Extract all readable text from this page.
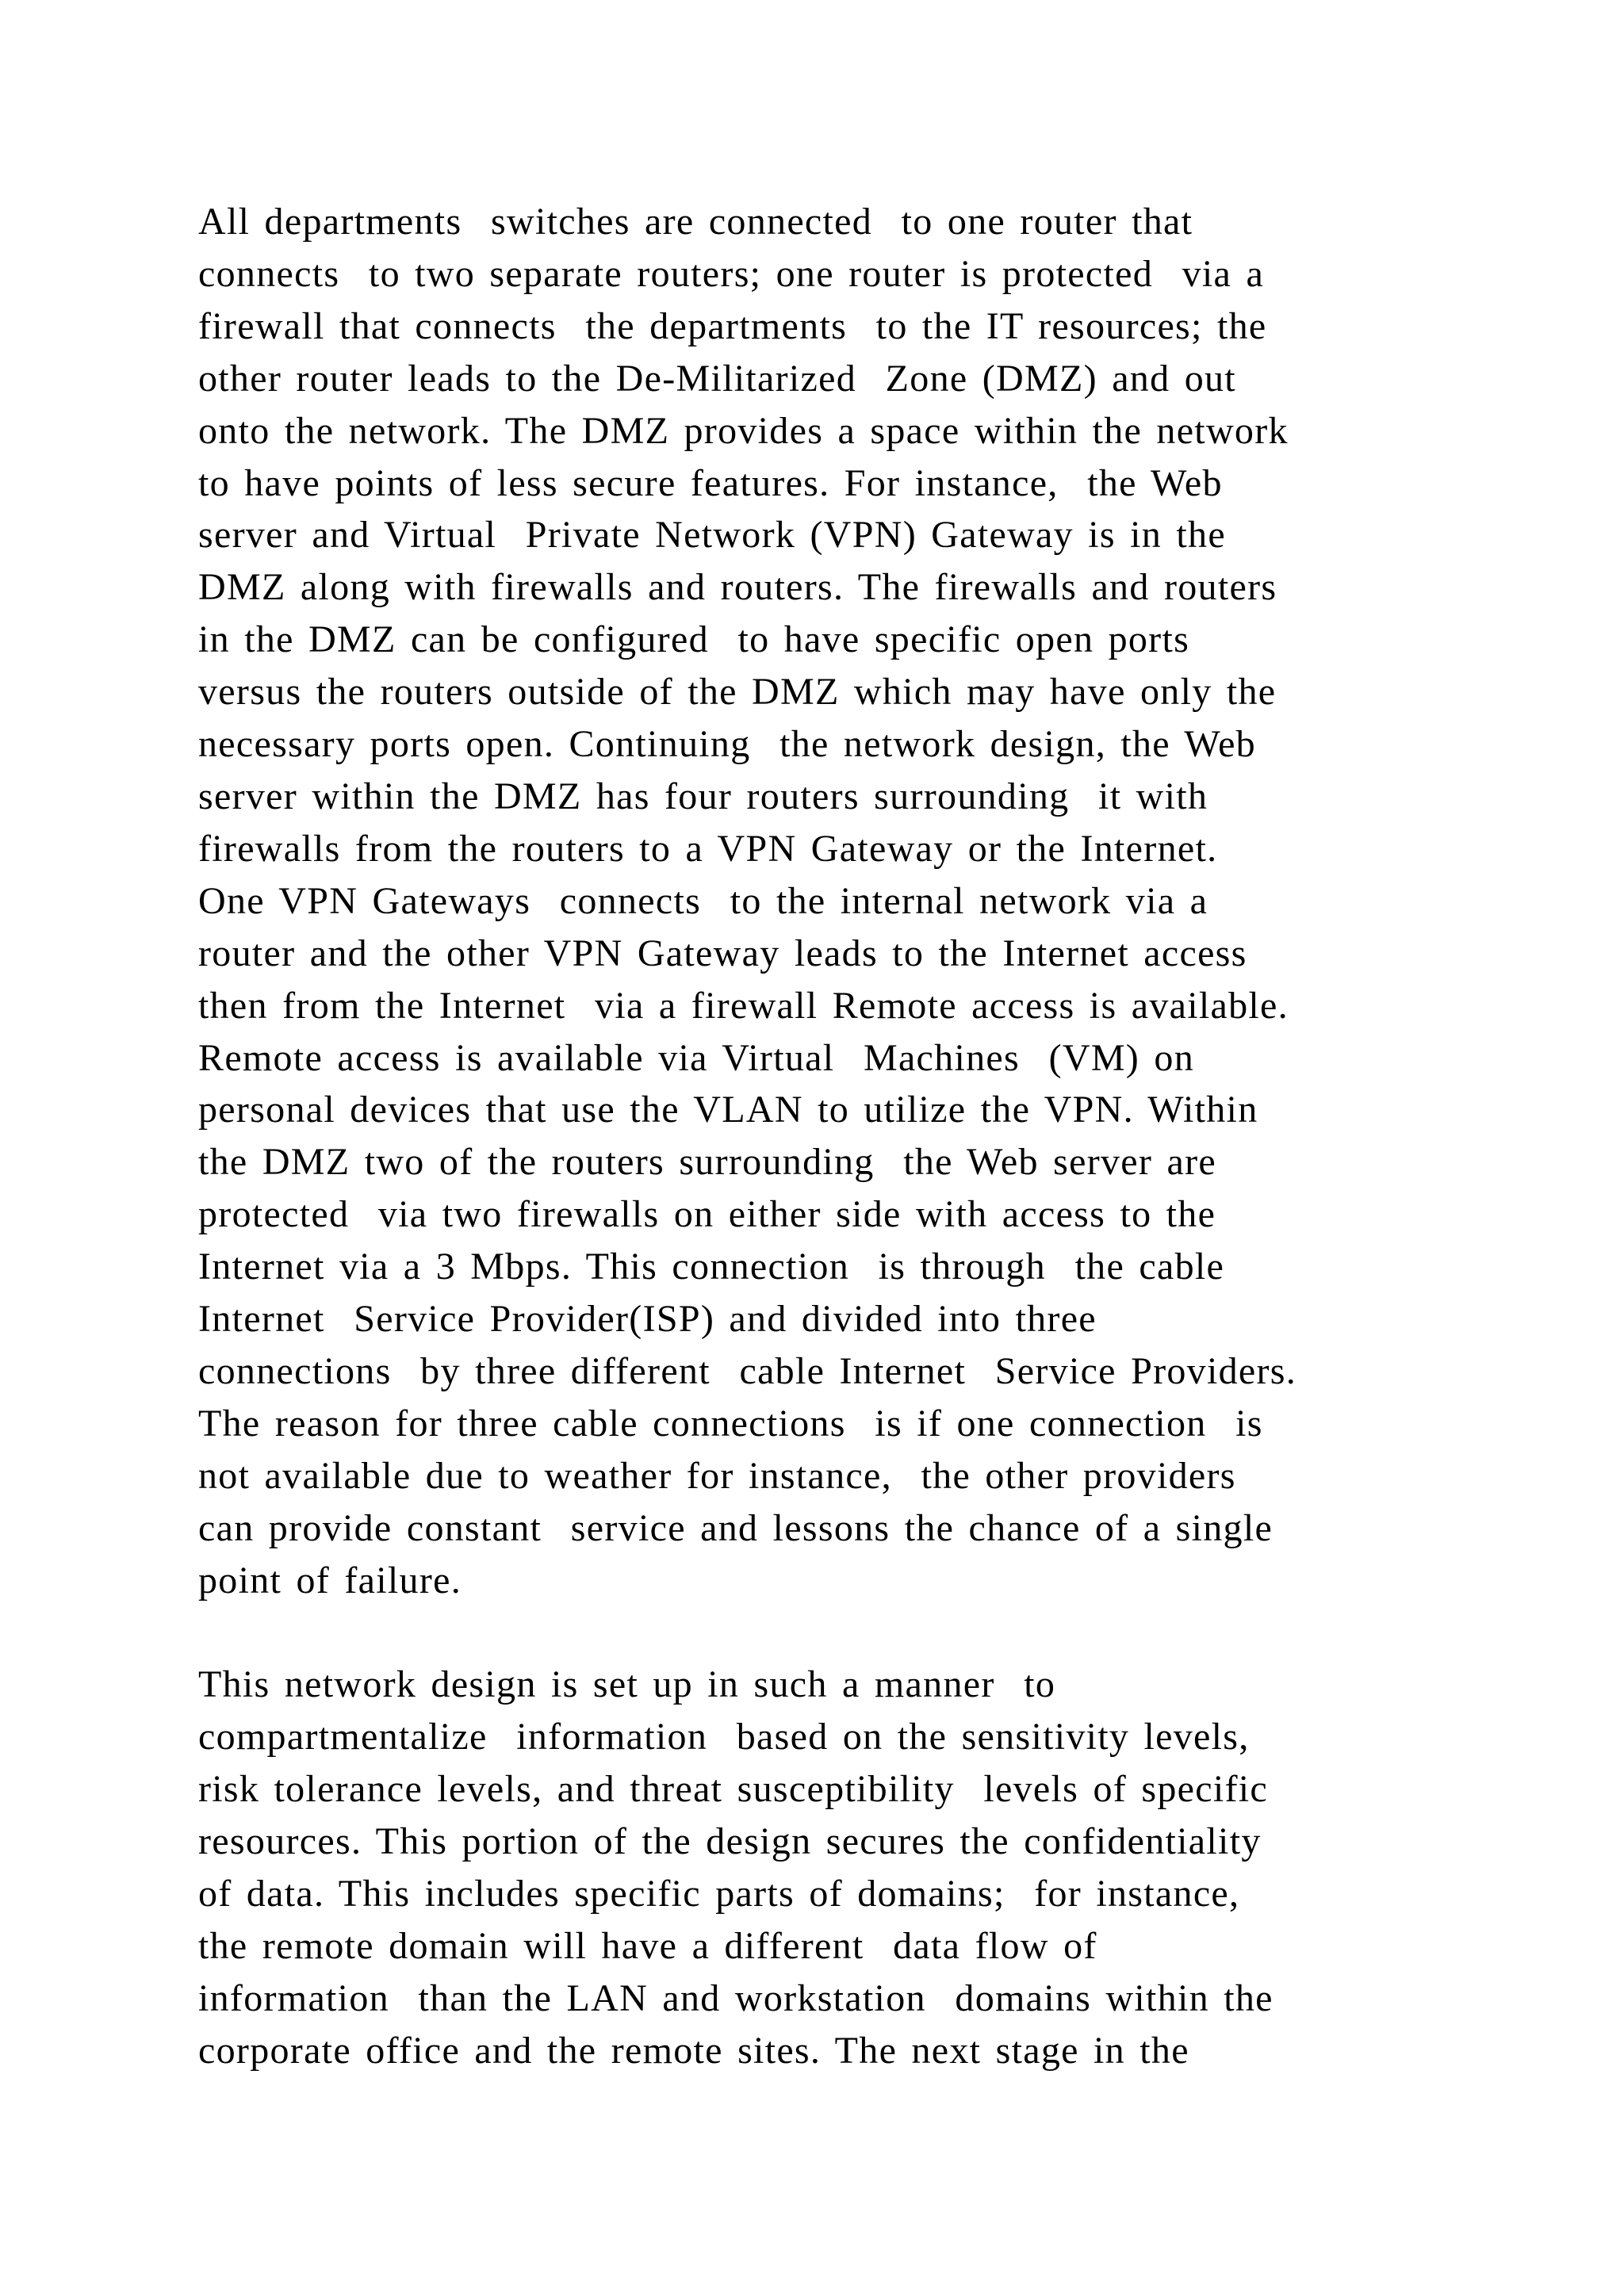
All departments  switches are connected  to one router that
connects  to two separate routers; one router is protected  via a
firewall that connects  the departments  to the IT resources; the
other router leads to the De-Militarized  Zone (DMZ) and out
onto the network. The DMZ provides a space within the network
to have points of less secure features. For instance,  the Web
server and Virtual  Private Network (VPN) Gateway is in the
DMZ along with firewalls and routers. The firewalls and routers
in the DMZ can be configured  to have specific open ports
versus the routers outside of the DMZ which may have only the
necessary ports open. Continuing  the network design, the Web
server within the DMZ has four routers surrounding  it with
firewalls from the routers to a VPN Gateway or the Internet.
One VPN Gateways  connects  to the internal network via a
router and the other VPN Gateway leads to the Internet access
then from the Internet  via a firewall Remote access is available.
Remote access is available via Virtual  Machines  (VM) on
personal devices that use the VLAN to utilize the VPN. Within
the DMZ two of the routers surrounding  the Web server are
protected  via two firewalls on either side with access to the
Internet via a 3 Mbps. This connection  is through  the cable
Internet  Service Provider(ISP) and divided into three
connections  by three different  cable Internet  Service Providers.
The reason for three cable connections  is if one connection  is
not available due to weather for instance,  the other providers
can provide constant  service and lessons the chance of a single
point of failure.
This network design is set up in such a manner  to
compartmentalize  information  based on the sensitivity levels,
risk tolerance levels, and threat susceptibility  levels of specific
resources. This portion of the design secures the confidentiality
of data. This includes specific parts of domains;  for instance,
the remote domain will have a different  data flow of
information  than the LAN and workstation  domains within the
corporate office and the remote sites. The next stage in the
